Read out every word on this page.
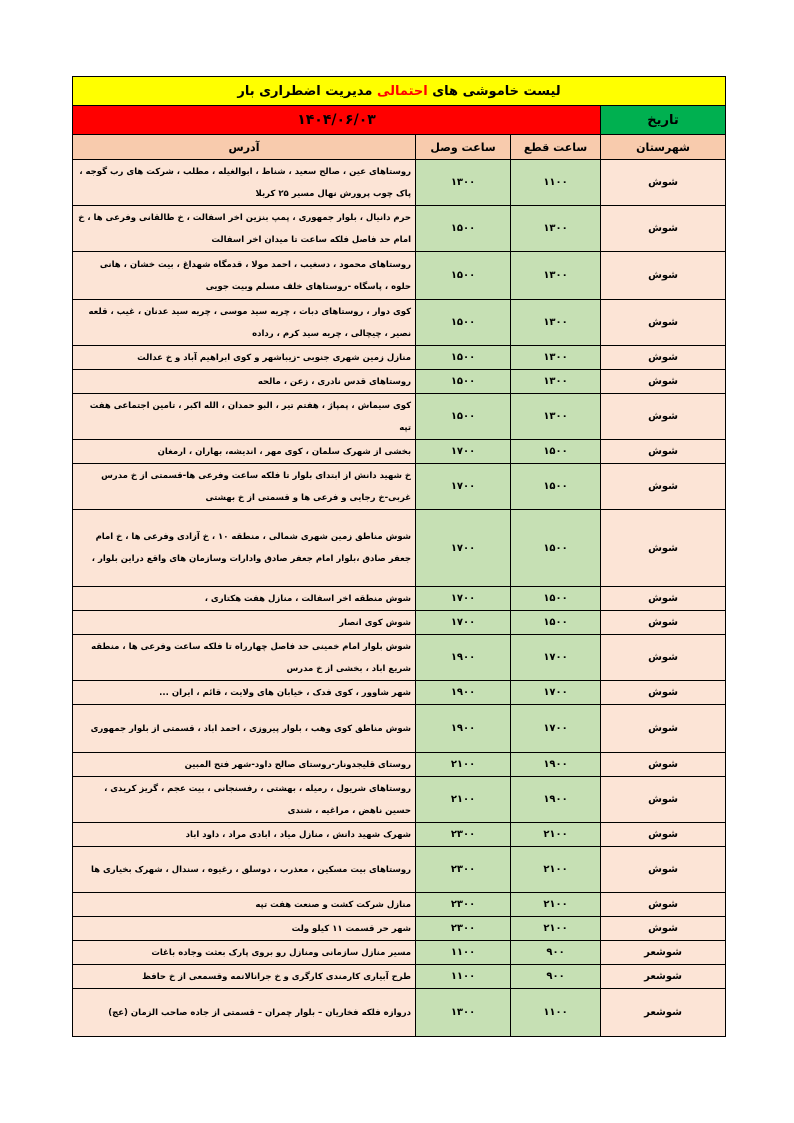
لیست خاموشی های احتمالی مدیریت اضطراری بار			
تاریخ	۱۴۰۴/۰۶/۰۳		
شهرستان	ساعت قطع	ساعت وصل	آدرس
شوش	۱۱۰۰	۱۳۰۰	روستاهای عین ، صالح سعید ، شناط ، ابوالغیله ، مطلب ، شرکت های رب گوجه ، پاک چوب پرورش نهال مسیر ۲۵ کربلا
شوش	۱۳۰۰	۱۵۰۰	حرم دانیال ، بلوار جمهوری ، پمپ بنزین اخر اسفالت ، خ طالقانی وفرعی ها ، خ امام حد فاصل فلکه ساعت تا میدان اخر اسفالت
شوش	۱۳۰۰	۱۵۰۰	روستاهای محمود ، دسغیب ، احمد مولا ، قدمگاه شهداغ ، بیت خشان ، هانی حلوه ، پاسگاه -روستاهای خلف مسلم وبیت جویی
شوش	۱۳۰۰	۱۵۰۰	کوی دوار ، روستاهای دبات ، چریه سید موسی ، چریه سید عدنان ، غیب ، قلعه نصیر ، چیچالی ، چریه سید کرم ، رداده
شوش	۱۳۰۰	۱۵۰۰	منازل زمین شهری جنوبی -زیباشهر و کوی ابراهیم آباد و خ عدالت
شوش	۱۳۰۰	۱۵۰۰	روستاهای قدس نادری ، زعن ، مالحه
شوش	۱۳۰۰	۱۵۰۰	کوی سیماش ، پمپاژ ، هفتم تیر ، البو حمدان ، الله اکبر ، تامین اجتماعی هفت تپه
شوش	۱۵۰۰	۱۷۰۰	بخشی از شهرک سلمان ، کوی مهر ، اندیشه، بهاران ، ارمغان
شوش	۱۵۰۰	۱۷۰۰	خ شهید دانش از ابتدای بلوار تا فلکه ساعت وفرعی ها-قسمتی از خ مدرس غربی-خ رجایی و فرعی ها و قسمتی از خ بهشتی
شوش	۱۵۰۰	۱۷۰۰	شوش مناطق زمین شهری شمالی ، منطقه ۱۰ ، خ آزادی وفرعی ها ، خ امام جعفر صادق ،بلوار امام جعفر صادق وادارات وسازمان های واقع دراین بلوار ،
شوش	۱۵۰۰	۱۷۰۰	شوش منطقه اخر اسفالت ، منازل هفت هکتاری ،
شوش	۱۵۰۰	۱۷۰۰	شوش کوی انصار
شوش	۱۷۰۰	۱۹۰۰	شوش بلوار امام خمینی حد فاصل چهارراه تا فلکه ساعت وفرعی ها ، منطقه شریع اباد ، بخشی از خ مدرس
شوش	۱۷۰۰	۱۹۰۰	شهر شاوور ، کوی فدک ، خیابان های ولایت ، قائم ، ایران ...
شوش	۱۷۰۰	۱۹۰۰	شوش مناطق کوی وهب ، بلوار پیروزی ، احمد اباد ، قسمتی از بلوار جمهوری
شوش	۱۹۰۰	۲۱۰۰	روستای قلیجدونار-روستای صالح داود-شهر فتح المبین
شوش	۱۹۰۰	۲۱۰۰	روستاهای شریول ، رمیله ، بهشتی ، رفسنجانی ، بیت عجم ، گریز کریدی ، حسین ناهض ، مراغیه ، شندی
شوش	۲۱۰۰	۲۳۰۰	شهرک شهید دانش ، منازل میاد ، ابادی مراد ، داود اباد
شوش	۲۱۰۰	۲۳۰۰	روستاهای بیت مسکین ، معذرب ، دوسلق ، رغیوه ، سندال ، شهرک بخیاری ها
شوش	۲۱۰۰	۲۳۰۰	منازل شرکت کشت و صنعت هفت تپه
شوش	۲۱۰۰	۲۳۰۰	شهر حر قسمت ۱۱ کیلو ولت
شوشعر	۹۰۰	۱۱۰۰	مسیر منازل سازمانی ومنازل رو بروی پارک بعثت وجاده باغات
شوشعر	۹۰۰	۱۱۰۰	طرح آبیاری کارمندی کارگری و خ جرانالانمه وقسمعی از خ حافظ
شوشعر	۱۱۰۰	۱۳۰۰	دروازه فلکه فخاریان – بلوار چمران – قسمتی از جاده صاحب الزمان (عج)
